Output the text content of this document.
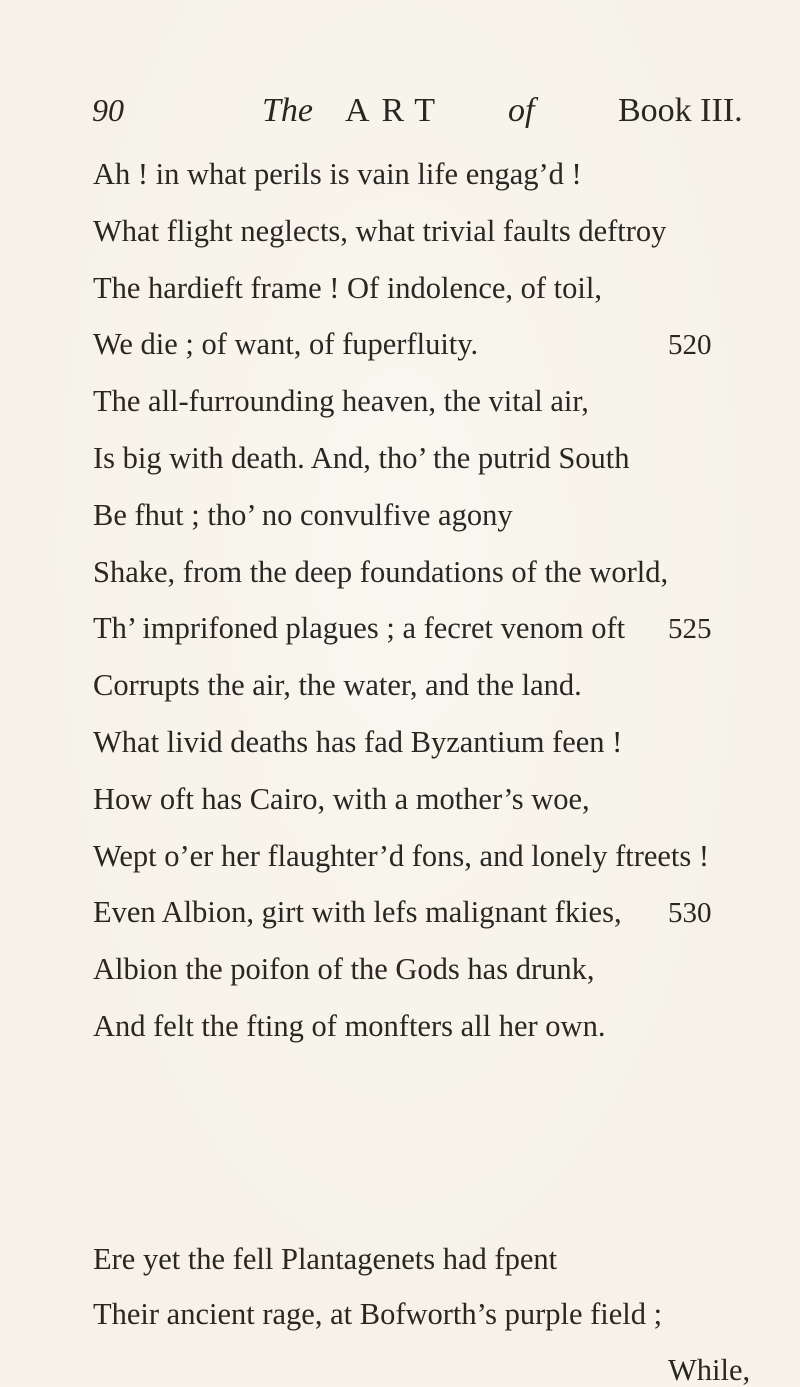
90	The ART of Book III.
Ah ! in what perils is vain life engag’d !
What flight neglects, what trivial faults deftroy
The hardieft frame ! Of indolence, of toil,
We die ; of want, of fuperfluity.	520
The all-furrounding heaven, the vital air,
Is big with death. And, tho’ the putrid South
Be fhut ; tho’ no convulfive agony
Shake, from the deep foundations of the world,
Th’ imprifoned plagues ; a fecret venom oft 525
Corrupts the air, the water, and the land.
What livid deaths has fad Byzantium feen !
How oft has Cairo, with a mother’s woe,
Wept o’er her flaughter’d fons, and lonely ftreets !
Even Albion, girt with lefs malignant fkies, 530
Albion the poifon of the Gods has drunk,
And felt the fting of monfters all her own.
Ere yet the fell Plantagenets had fpent
Their ancient rage, at Bofworth’s purple field ;
While,
